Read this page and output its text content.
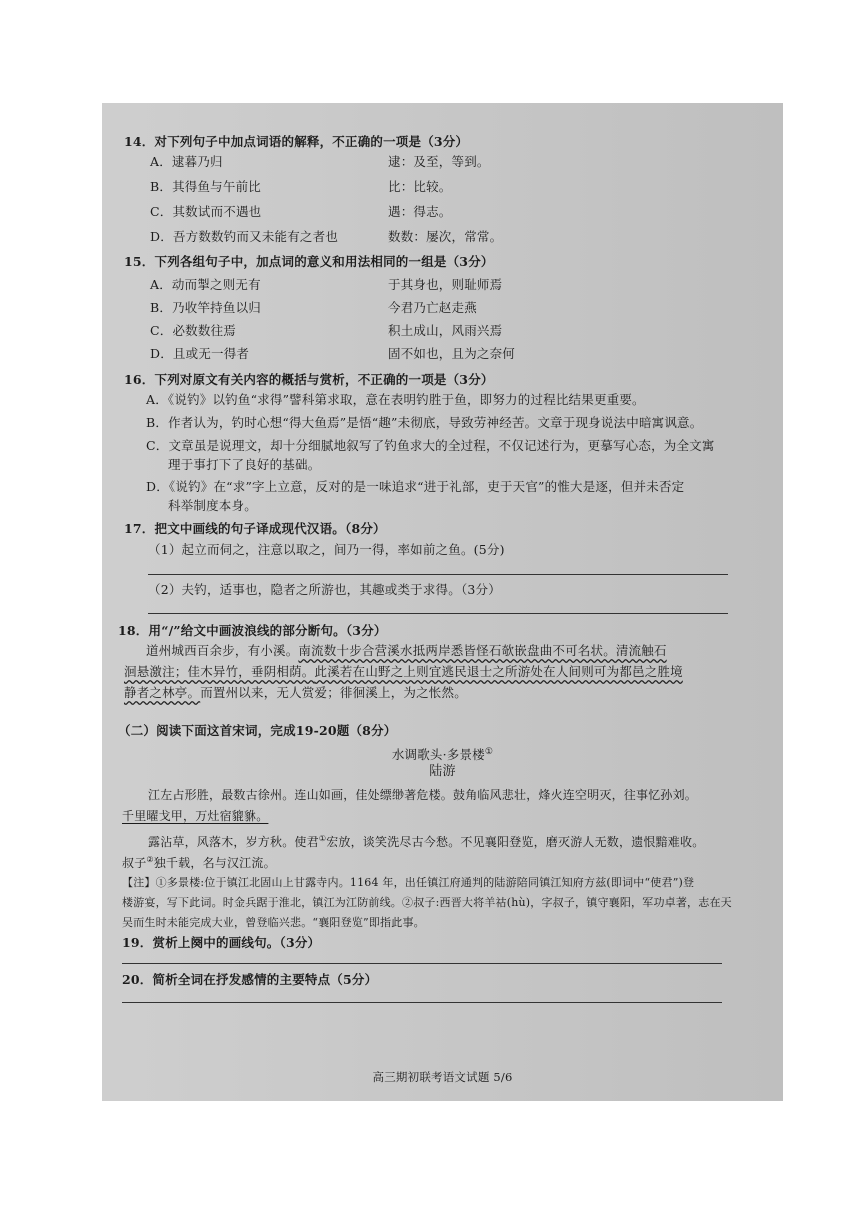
14．对下列句子中加点词语的解释，不正确的一项是（3分）
A．逮暮乃归	逮：及至，等到。
B．其得鱼与午前比	比：比较。
C．其数试而不遇也	遇：得志。
D．吾方数数钓而又未能有之者也	数数：屡次，常常。
15．下列各组句子中，加点词的意义和用法相同的一组是（3分）
A．动而掣之则无有	于其身也，则耻师焉
B．乃收竿持鱼以归	今君乃亡赵走燕
C．必数数往焉	积土成山，风雨兴焉
D．且或无一得者	固不如也，且为之奈何
16．下列对原文有关内容的概括与赏析，不正确的一项是（3分）
A．《说钓》以钓鱼“求得”譬科第求取，意在表明钓胜于鱼，即努力的过程比结果更重要。
B．作者认为，钓时心想“得大鱼焉”是悟“趣”未彻底，导致劳神经苦。文章于现身说法中暗寓讽意。
C．文章虽是说理文，却十分细腻地叙写了钓鱼求大的全过程，不仅记述行为，更摹写心态，为全文寓
理于事打下了良好的基础。
D．《说钓》在“求”字上立意，反对的是一味追求“进于礼部，吏于天官”的惟大是逐，但并未否定
科举制度本身。
17．把文中画线的句子译成现代汉语。（8分）
（1）起立而伺之，注意以取之，间乃一得，率如前之鱼。(5分)
（2）夫钓，适事也，隐者之所游也，其趣或类于求得。（3分）
18．用“/”给文中画波浪线的部分断句。（3分）
道州城西百余步，有小溪。南流数十步合营溪水抵两岸悉皆怪石欹嵌盘曲不可名状。清流触石
洄悬激注；佳木异竹，垂阴相荫。此溪若在山野之上则宜逃民退士之所游处在人间则可为都邑之胜境
静者之林亭。而置州以来，无人赏爱；徘徊溪上，为之怅然。
（二）阅读下面这首宋词，完成19-20题（8分）
水调歌头·多景楼①
陆游
江左占形胜，最数古徐州。连山如画，佳处缥缈著危楼。鼓角临风悲壮，烽火连空明灭，往事忆孙刘。
千里曜戈甲，万灶宿貔貅。
露沾草，风落木，岁方秋。使君①宏放，谈笑洗尽古今愁。不见襄阳登览，磨灭游人无数，遗恨黯难收。
叔子②独千载，名与汉江流。
【注】①多景楼:位于镇江北固山上甘露寺内。1164 年，出任镇江府通判的陆游陪同镇江知府方兹(即词中“使君”)登
楼游宴，写下此词。时金兵踞于淮北，镇江为江防前线。②叔子:西晋大将羊祜(hù)，字叔子，镇守襄阳，军功卓著，志在天
吴而生时未能完成大业，曾登临兴悲。“襄阳登览”即指此事。
19．赏析上阕中的画线句。（3分）
20．简析全词在抒发感情的主要特点（5分）
高三期初联考语文试题 5/6
